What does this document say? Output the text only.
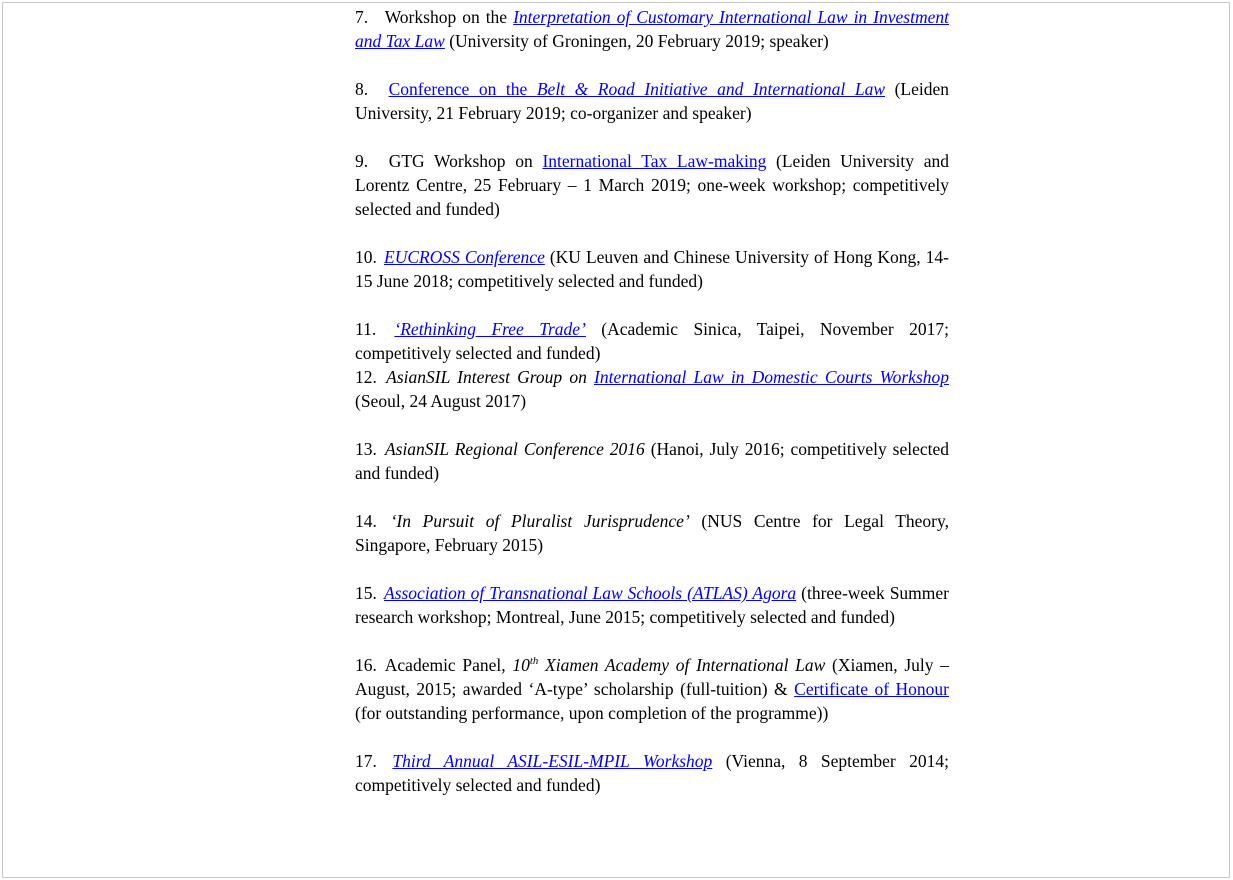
7. Workshop on the Interpretation of Customary International Law in Investment and Tax Law (University of Groningen, 20 February 2019; speaker)

8. Conference on the Belt & Road Initiative and International Law (Leiden University, 21 February 2019; co-organizer and speaker)

9. GTG Workshop on International Tax Law-making (Leiden University and Lorentz Centre, 25 February – 1 March 2019; one-week workshop; competitively selected and funded)

10. EUCROSS Conference (KU Leuven and Chinese University of Hong Kong, 14-15 June 2018; competitively selected and funded)

11. ‘Rethinking Free Trade’ (Academic Sinica, Taipei, November 2017; competitively selected and funded)

12. AsianSIL Interest Group on International Law in Domestic Courts Workshop (Seoul, 24 August 2017)

13. AsianSIL Regional Conference 2016 (Hanoi, July 2016; competitively selected and funded)

14. ‘In Pursuit of Pluralist Jurisprudence’ (NUS Centre for Legal Theory, Singapore, February 2015)

15. Association of Transnational Law Schools (ATLAS) Agora (three-week Summer research workshop; Montreal, June 2015; competitively selected and funded)

16. Academic Panel, 10th Xiamen Academy of International Law (Xiamen, July – August, 2015; awarded ‘A-type’ scholarship (full-tuition) & Certificate of Honour (for outstanding performance, upon completion of the programme))

17. Third Annual ASIL-ESIL-MPIL Workshop (Vienna, 8 September 2014; competitively selected and funded)
